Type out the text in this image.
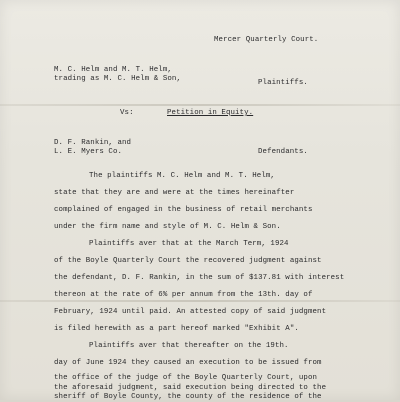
Mercer Quarterly Court.

M. C. Helm and M. T. Helm,

trading as M. C. Helm & Son,	Plaintiffs.

Vs:	Petition in Equity.

D. F. Rankin, and

L. E. Myers Co.	Defendants.

The plaintiffs M. C. Helm and M. T. Helm,

state that they are and were at the times hereinafter

complained of engaged in the business of retail merchants

under the firm name and style of M. C. Helm & Son.

Plaintiffs aver that at the March Term, 1924

of the Boyle Quarterly Court the recovered judgment against

the defendant, D. F. Rankin, in the sum of $137.81 with interest

thereon at the rate of 6% per annum from the 13th. day of

February, 1924 until paid. An attested copy of said judgment

is filed herewith as a part hereof marked "Exhibit A".

Plaintiffs aver that thereafter on the 19th.

day of June 1924 they caused an execution to be issued from

the office of the judge of the Boyle Quarterly Court, upon

the aforesaid judgment, said execution being directed to the

sheriff of Boyle County, the county of the residence of the
